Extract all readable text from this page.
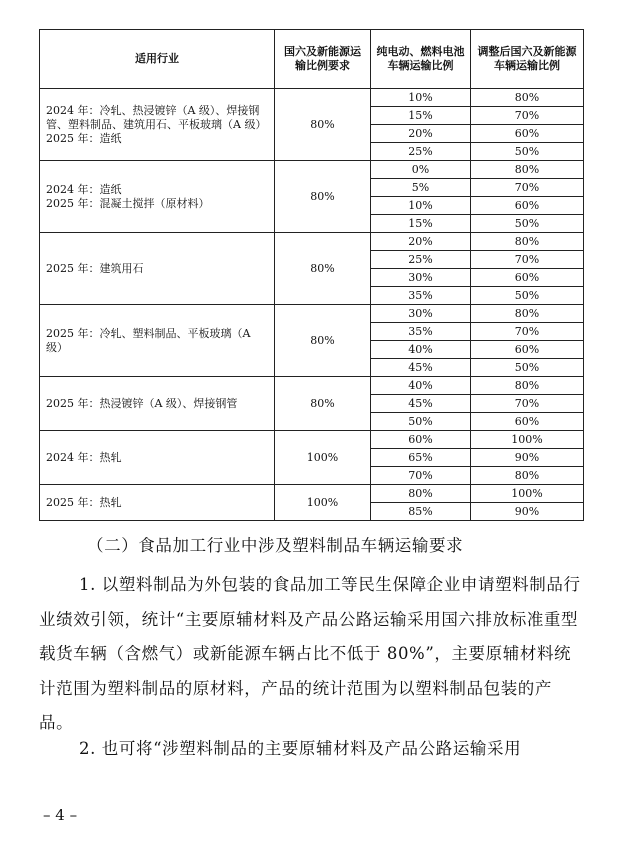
适用行业	国六及新能源运输比例要求	纯电动、燃料电池车辆运输比例	调整后国六及新能源车辆运输比例

2024 年：冷轧、热浸镀锌（A 级）、焊接钢管、塑料制品、建筑用石、平板玻璃（A 级）
2025 年：造纸	80%	10%	80%
		15%	70%
		20%	60%
		25%	50%

2024 年：造纸
2025 年：混凝土搅拌（原材料）	80%	0%	80%
		5%	70%
		10%	60%
		15%	50%

2025 年：建筑用石	80%	20%	80%
		25%	70%
		30%	60%
		35%	50%

2025 年：冷轧、塑料制品、平板玻璃（A 级）	80%	30%	80%
		35%	70%
		40%	60%
		45%	50%

2025 年：热浸镀锌（A 级）、焊接钢管	80%	40%	80%
		45%	70%
		50%	60%

2024 年：热轧	100%	60%	100%
		65%	90%
		70%	80%

2025 年：热轧	100%	80%	100%
		85%	90%
（二）食品加工行业中涉及塑料制品车辆运输要求
1. 以塑料制品为外包装的食品加工等民生保障企业申请塑料制品行业绩效引领，统计“主要原辅材料及产品公路运输采用国六排放标准重型载货车辆（含燃气）或新能源车辆占比不低于 80%”，主要原辅材料统计范围为塑料制品的原材料，产品的统计范围为以塑料制品包装的产品。
2. 也可将“涉塑料制品的主要原辅材料及产品公路运输采用
– 4 –
